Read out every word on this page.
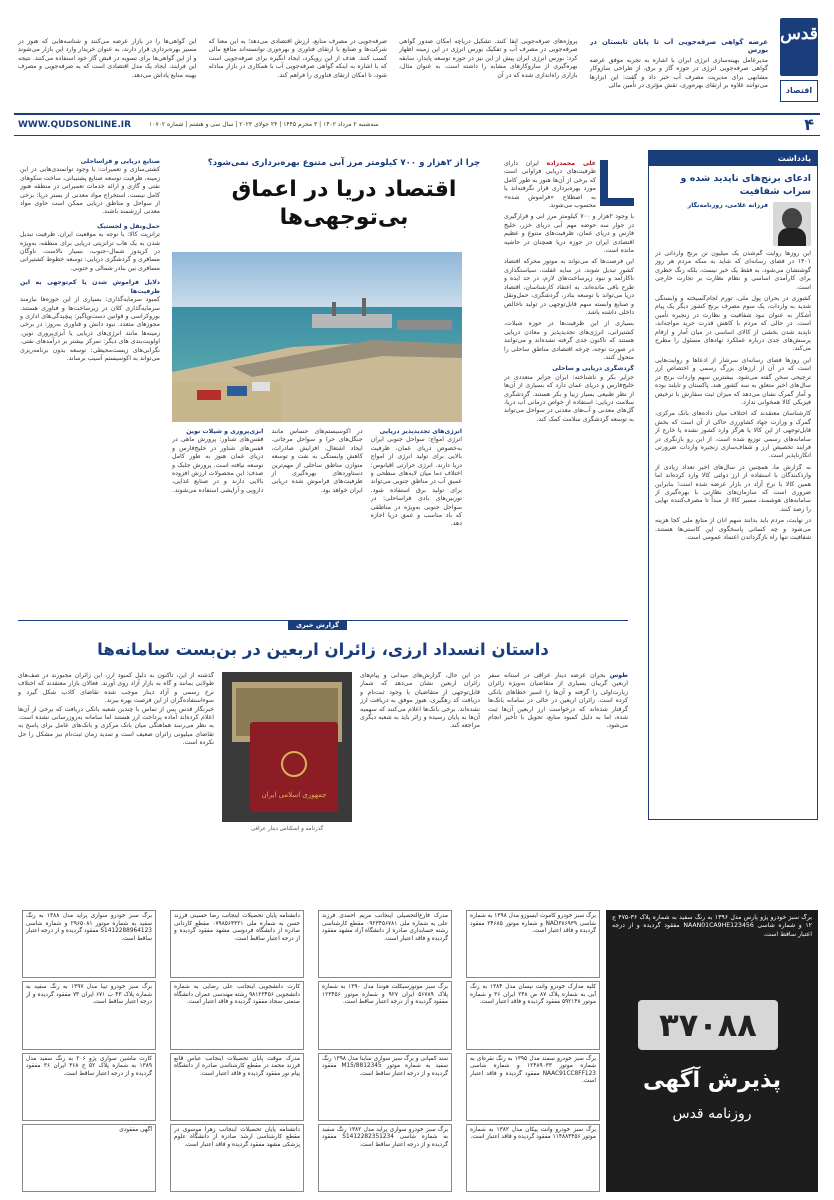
قدس
اقتصاد
عرضه گواهی صرفه‌جویی آب تا پایان تابستان در بورس
مدیرعامل بهینه‌سازی انرژی ایران با اشاره به تجربه موفق عرضه گواهی صرفه‌جویی انرژی در حوزه گاز و برق، از طراحی سازوکار مشابهی برای مدیریت مصرف آب خبر داد و گفت: این ابزارها می‌توانند علاوه بر ارتقای بهره‌وری، نقش مؤثری در تأمین مالی
پروژه‌های صرفه‌جویی ایفا کنند. تشکیل دریاچه امکان صدور گواهی صرفه‌جویی در مصرف آب و تفکیک بورس انرژی در این زمینه اظهار کرد: بورس انرژی ایران پیش از این نیز در حوزه توسعه پایدار، سابقه بهره‌گیری از سازوکارهای مشابه را داشته است. به عنوان مثال، بازاری راه‌اندازی شده که در آن
صرفه‌جویی در مصرف منابع، ارزش اقتصادی می‌دهد؛ به این معنا که شرکت‌ها و صنایع با ارتقای فناوری و بهره‌وری توانسته‌اند منافع مالی کسب کنند. هدف از این رویکرد، ایجاد انگیزه برای صرفه‌جویی است که با اشاره به اینکه گواهی صرفه‌جویی آب با همکاری در بازار مبادله شود، تا امکان ارتقای فناوری را فراهم کند.
این گواهی‌ها را در بازار عرضه می‌کنند و شناسه‌هایی که هنوز در مسیر بهره‌برداری قرار دارند، به عنوان خریدار وارد این بازار می‌شوند و از این گواهی‌ها برای تسویه در قبض گاز خود استفاده می‌کنند. نتیجه این فرایند، ایجاد یک مدل اقتصادی است که به صرفه‌جویی و مصرف بهینه منابع پاداش می‌دهد.
۴
سه‌شنبه ۲ مرداد ۱۴۰۲ | ۳ محرم ۱۴۴۵ | ۲۴ جولای ۲۰۲۳ | سال سی و هشتم | شماره ۱۰۷۰۲
WWW.QUDSONLINE.IR
یادداشت
ادعای برنج‌های ناپدید شده و سراب شفافیت
فرزانه غلامی، روزنامه‌نگار

این روزها روایت گم‌شدن یک میلیون تن برنج وارداتی در ۱۴۰۱ در فضای رسانه‌ای که شاید به سکه مردم هر روز گوشتشان می‌شود، به فقط یک خبر نیست، بلکه زنگ خطری برای کارآمدی اساسی و نظام نظارت بر تجارت خارجی است.

کشوری در بحران پول ملی، تورم لجام‌گسیخته و وابستگی شدید به واردات، یک سوم مصرف برنج کشور دیگر یک پیام آشکار به عنوان نبود شفافیت و نظارت در زنجیره تأمین است. در حالی که مردم با کاهش قدرت خرید مواجه‌اند، ناپدید شدن بخشی از کالای اساسی در میان آمار و ارقام پرسش‌های جدی درباره عملکرد نهادهای مسئول را مطرح می‌کند.

این روزها فضای رسانه‌ای سرشار از ادعاها و روایت‌هایی است که در آن از ارزهای بزرگ رسمی و اختصاص ارز ترجیحی سخن گفته می‌شود. بیشترین سهم واردات برنج در سال‌های اخیر متعلق به سه کشور هند، پاکستان و تایلند بوده و آمار گمرک نشان می‌دهد که میزان ثبت سفارش با ترخیص فیزیکی کالا همخوانی ندارد.

کارشناسان معتقدند که اختلاف میان داده‌های بانک مرکزی، گمرک و وزارت جهاد کشاورزی حاکی از آن است که بخش قابل‌توجهی از این کالا یا هرگز وارد کشور نشده یا خارج از سامانه‌های رسمی توزیع شده است. از این رو بازنگری در فرایند تخصیص ارز و شفاف‌سازی زنجیره واردات ضرورتی انکارناپذیر است.

به گزارش ما، همچنین در سال‌های اخیر تعداد زیادی از واردکنندگان با استفاده از ارز دولتی کالا وارد کرده‌اند اما همین کالا با نرخ آزاد در بازار عرضه شده است؛ بنابراین ضروری است که سازمان‌های نظارتی با بهره‌گیری از سامانه‌های هوشمند، مسیر کالا از مبدأ تا مصرف‌کننده نهایی را رصد کنند.

در نهایت، مردم باید بدانند سهم آنان از منابع ملی کجا هزینه می‌شود و چه کسانی پاسخگوی این کاستی‌ها هستند. شفافیت تنها راه بازگرداندن اعتماد عمومی است.

علی محمدزاده ایران دارای ظرفیت‌های دریایی فراوانی است که برخی از آن‌ها هنوز به طور کامل مورد بهره‌برداری قرار نگرفته‌اند یا به اصطلاح «فراموش شده» محسوب می‌شوند.

با وجود ۲هزار و ۷۰۰ کیلومتر مرز آبی و قرارگیری در جوار سه حوضه مهم آبی دریای خزر، خلیج فارس و دریای عمان، ظرفیت‌های متنوع و عظیم اقتصادی ایران در حوزه دریا همچنان در حاشیه مانده است.

این فرصت‌ها که می‌تواند به موتور محرکه اقتصاد کشور تبدیل شوند، در سایه غفلت، سیاستگذاری ناکارآمد و نبود زیرساخت‌های لازم، در حد ایده و طرح باقی مانده‌اند. به اعتقاد کارشناسان، اقتصاد دریا می‌تواند با توسعه بنادر، گردشگری، حمل‌ونقل و صنایع وابسته سهم قابل‌توجهی در تولید ناخالص داخلی داشته باشد.

بسیاری از این ظرفیت‌ها در حوزه شیلات، کشتیرانی، انرژی‌های تجدیدپذیر و معادن دریایی هستند که تاکنون جدی گرفته نشده‌اند و می‌توانند در صورت توجه، چرخه اقتصادی مناطق ساحلی را متحول کنند.

گردشگری دریایی و ساحلی
جزایر بکر و ناشناخته: ایران جزایر متعددی در خلیج‌فارس و دریای عمان دارد که بسیاری از آن‌ها از نظر طبیعی بسیار زیبا و بکر هستند. گردشگری سلامت دریایی: استفاده از خواص درمانی آب دریا، گل‌های معدنی و آب‌های معدنی در سواحل می‌تواند به توسعه گردشگری سلامت کمک کند.
چرا از ۲هزار و ۷۰۰ کیلومتر مرز آبی متنوع بهره‌برداری نمی‌شود؟
اقتصاد دریا در اعماق
بی‌توجهی‌ها
صنایع دریایی و فراساحلی
کشتی‌سازی و تعمیرات: با وجود توانمندی‌هایی در این زمینه، ظرفیت توسعه صنایع پشتیبانی، ساخت سکوهای نفتی و گازی و ارائه خدمات تعمیراتی در منطقه هنوز کامل نیست. استخراج مواد معدنی از بستر دریا: برخی از سواحل و مناطق دریایی ممکن است حاوی مواد معدنی ارزشمند باشند.
حمل‌ونقل و لجستیک
ترانزیت کالا: با توجه به موقعیت ایران، ظرفیت تبدیل شدن به یک هاب ترانزیتی دریایی برای منطقه، به‌ویژه در کریدور شمال–جنوب، بسیار بالاست. ناوگان مسافری و گردشگری دریایی: توسعه خطوط کشتیرانی مسافری بین بنادر شمالی و جنوبی.
دلایل فراموش شدن یا کم‌توجهی به این ظرفیت‌ها
کمبود سرمایه‌گذاری: بسیاری از این حوزه‌ها نیازمند سرمایه‌گذاری کلان در زیرساخت‌ها و فناوری هستند. بوروکراسی و قوانین دست‌وپاگیر: پیچیدگی‌های اداری و مجوزهای متعدد. نبود دانش و فناوری به‌روز: در برخی زمینه‌ها مانند انرژی‌های دریایی یا آبزی‌پروری نوین. اولویت‌بندی های دیگر: تمرکز بیشتر بر درآمدهای نفتی. نگرانی‌های زیست‌محیطی: توسعه بدون برنامه‌ریزی می‌تواند به اکوسیستم آسیب برساند.
انرژی‌های تجدیدپذیر دریایی
انرژی امواج: سواحل جنوبی ایران به‌خصوص دریای عمان، ظرفیت بالایی برای تولید انرژی از امواج دریا دارند. انرژی حرارتی اقیانوس: اختلاف دما میان لایه‌های سطحی و عمیق آب در مناطق جنوبی می‌تواند برای تولید برق استفاده شود. توربین‌های بادی فراساحلی: در سواحل جنوبی به‌ویژه در مناطقی که باد مناسب و عمق دریا اجازه دهد.
در اکوسیستم‌های حساس مانند جنگل‌های حرا و سواحل مرجانی. ایجاد اشتغال، افزایش صادرات، کاهش وابستگی به نفت و توسعه متوازن مناطق ساحلی از مهم‌ترین دستاوردهای بهره‌گیری از ظرفیت‌های فراموش شده دریایی ایران خواهد بود.
آبزی‌پروری و شیلات نوین
قفس‌های شناور: پرورش ماهی در قفس‌های شناور در خلیج‌فارس و دریای عمان هنوز به طور کامل توسعه نیافته است. پرورش جلبک و صدف: این محصولات ارزش افزوده بالایی دارند و در صنایع غذایی، دارویی و آرایشی استفاده می‌شوند.
گزارش خبری
داستان انسداد ارزی، زائران اربعین در بن‌بست سامانه‌ها
طوس بحران عرضه دینار عراقی در آستانه سفر اربعین گریبان بسیاری از متقاضیان به‌ویژه زائران زیارت‌اولی را گرفته و آن‌ها را اسیر خطاهای بانکی کرده است. زائران اربعین در حالی در سامانه بانک‌ها گرفتار شده‌اند که درخواست ارز اربعین آن‌ها ثبت شده، اما به دلیل کمبود منابع، تحویل با تأخیر انجام می‌شود.
در این حال، گزارش‌های میدانی و پیام‌های زائران اربعین نشان می‌دهد که شمار قابل‌توجهی از متقاضیان با وجود ثبت‌نام و دریافت کد رهگیری، هنوز موفق به دریافت ارز نشده‌اند. برخی بانک‌ها اعلام می‌کنند که سهمیه آن‌ها به پایان رسیده و زائر باید به شعبه دیگری مراجعه کند.
جمهوری اسلامی ایران
گذرنامه و اسکناس دینار عراقی
گذشته از این، تاکنون به دلیل کمبود ارز، این زائران مجبورند در صف‌های طولانی بمانند و گاه به بازار آزاد روی آورند. فعالان بازار معتقدند که اختلاف نرخ رسمی و آزاد دینار موجب شده تقاضای کاذب شکل گیرد و سوءاستفاده‌گران از این فرصت بهره ببرند.
خبرنگار قدس پس از تماس با چندین شعبه بانکی دریافت که برخی از آن‌ها اعلام کرده‌اند آماده پرداخت ارز هستند اما سامانه به‌روزرسانی نشده است. به نظر می‌رسد هماهنگی میان بانک مرکزی و بانک‌های عامل برای پاسخ به تقاضای میلیونی زائران ضعیف است و تمدید زمان ثبت‌نام نیز مشکل را حل نکرده است.
۳۷۰۸۸
پذیرش آگهی
روزنامه قدس
برگ سبز خودرو پژو پارس مدل ۱۳۹۶ به رنگ سفید به شماره پلاک ۳۶-۴۷۵ ج ۱۲ و شماره شاسی NAAN01CA9HE123456 مفقود گردیده و از درجه اعتبار ساقط است.
برگ سبز خودرو کاموت ایسوزو مدل ۱۳۹۸ به شماره شاسی NAD۳۸۶۹۳۹ و شماره موتور ۲۴۶۸۵ مفقود گردیده و فاقد اعتبار است.
مدرک فارغ‌التحصیلی اینجانب مریم احمدی فرزند علی به شماره ملی ۰۹۲۳۴۵۶۷۸۱ مقطع کارشناسی رشته حسابداری صادره از دانشگاه آزاد مشهد مفقود گردیده و فاقد اعتبار است.
دانشنامه پایان تحصیلات اینجانب رضا حسینی فرزند حسن به شماره ملی ۰۷۹۸۵۶۴۳۲۱ مقطع کاردانی صادره از دانشگاه فردوسی مشهد مفقود گردیده و از درجه اعتبار ساقط است.
برگ سبز خودرو سواری پراید مدل ۱۳۸۸ به رنگ سفید به شماره موتور ۲۹۶۵۰۸۱ و شماره شاسی S1412288964123 مفقود گردیده و از درجه اعتبار ساقط است.
کلیه مدارک خودرو وانت نیسان مدل ۱۳۸۴ به رنگ آبی به شماره پلاک ۸۷ ص ۲۴۸ ایران ۳۶ و شماره موتور ۵۹۲۱۴۸ مفقود گردیده و فاقد اعتبار است.
برگ سبز موتورسیکلت هوندا مدل ۱۳۹۰ به شماره پلاک ۵۶۷۸۹ ایران ۹۲۷ و شماره موتور ۱۲۳۴۵۶ مفقود گردیده و از درجه اعتبار ساقط است.
کارت دانشجویی اینجانب علی رضایی به شماره دانشجویی ۹۸۱۲۳۴۵۶ رشته مهندسی عمران دانشگاه صنعتی سجاد مفقود گردیده و فاقد اعتبار است.
برگ سبز خودرو تیبا مدل ۱۳۹۷ به رنگ سفید به شماره پلاک ۴۳ ب ۶۷۱ ایران ۷۴ مفقود گردیده و از درجه اعتبار ساقط است.
برگ سبز خودرو سمند مدل ۱۳۹۵ به رنگ نقره‌ای به شماره موتور ۱۲۴۸۹۰۳۳ و شماره شاسی NAAC91CC8FF123 مفقود گردیده و فاقد اعتبار است.
سند کمپانی و برگ سبز سواری ساینا مدل ۱۳۹۸ رنگ سفید به شماره موتور M15/8812345 مفقود گردیده و از درجه اعتبار ساقط است.
مدرک موقت پایان تحصیلات اینجانب عباس قانع فرزند محمد در مقطع کارشناسی صادره از دانشگاه پیام نور مفقود گردیده و فاقد اعتبار است.
کارت ماشین سواری پژو ۲۰۶ به رنگ سفید مدل ۱۳۸۹ به شماره پلاک ۵۲ ج ۳۶۸ ایران ۳۶ مفقود گردیده و از درجه اعتبار ساقط است.
برگ سبز خودرو وانت پیکان مدل ۱۳۸۲ به شماره موتور ۱۱۴۸۸۳۴۵۶ مفقود گردیده و فاقد اعتبار است.
برگ سبز خودرو سواری پراید مدل ۱۳۸۲ رنگ سفید به شماره شاسی S1412282351234 مفقود گردیده و از درجه اعتبار ساقط است.
دانشنامه پایان تحصیلات اینجانب زهرا موسوی در مقطع کارشناسی ارشد صادره از دانشگاه علوم پزشکی مشهد مفقود گردیده و فاقد اعتبار است.
آگهی مفقودی
